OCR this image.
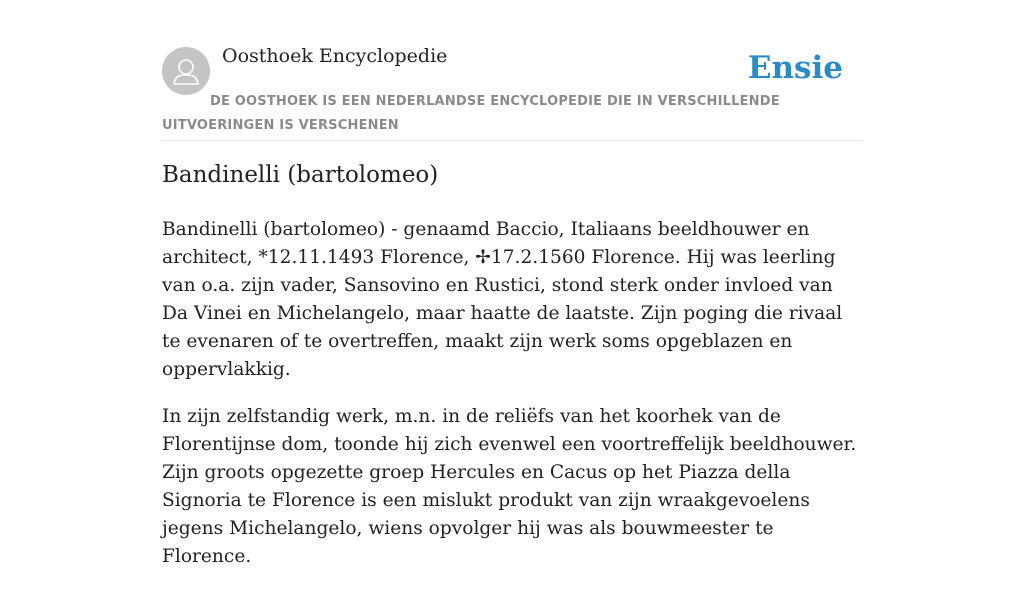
Oosthoek Encyclopedie	Ensie
DE OOSTHOEK IS EEN NEDERLANDSE ENCYCLOPEDIE DIE IN VERSCHILLENDE UITVOERINGEN IS VERSCHENEN
Bandinelli (bartolomeo)

Bandinelli (bartolomeo) - genaamd Baccio, Italiaans beeldhouwer en architect, *12.11.1493 Florence, ✢17.2.1560 Florence. Hij was leerling van o.a. zijn vader, Sansovino en Rustici, stond sterk onder invloed van Da Vinei en Michelangelo, maar haatte de laatste. Zijn poging die rivaal te evenaren of te overtreffen, maakt zijn werk soms opgeblazen en oppervlakkig.

In zijn zelfstandig werk, m.n. in de reliëfs van het koorhek van de Florentijnse dom, toonde hij zich evenwel een voortreffelijk beeldhouwer. Zijn groots opgezette groep Hercules en Cacus op het Piazza della Signoria te Florence is een mislukt produkt van zijn wraakgevoelens jegens Michelangelo, wiens opvolger hij was als bouwmeester te Florence.
